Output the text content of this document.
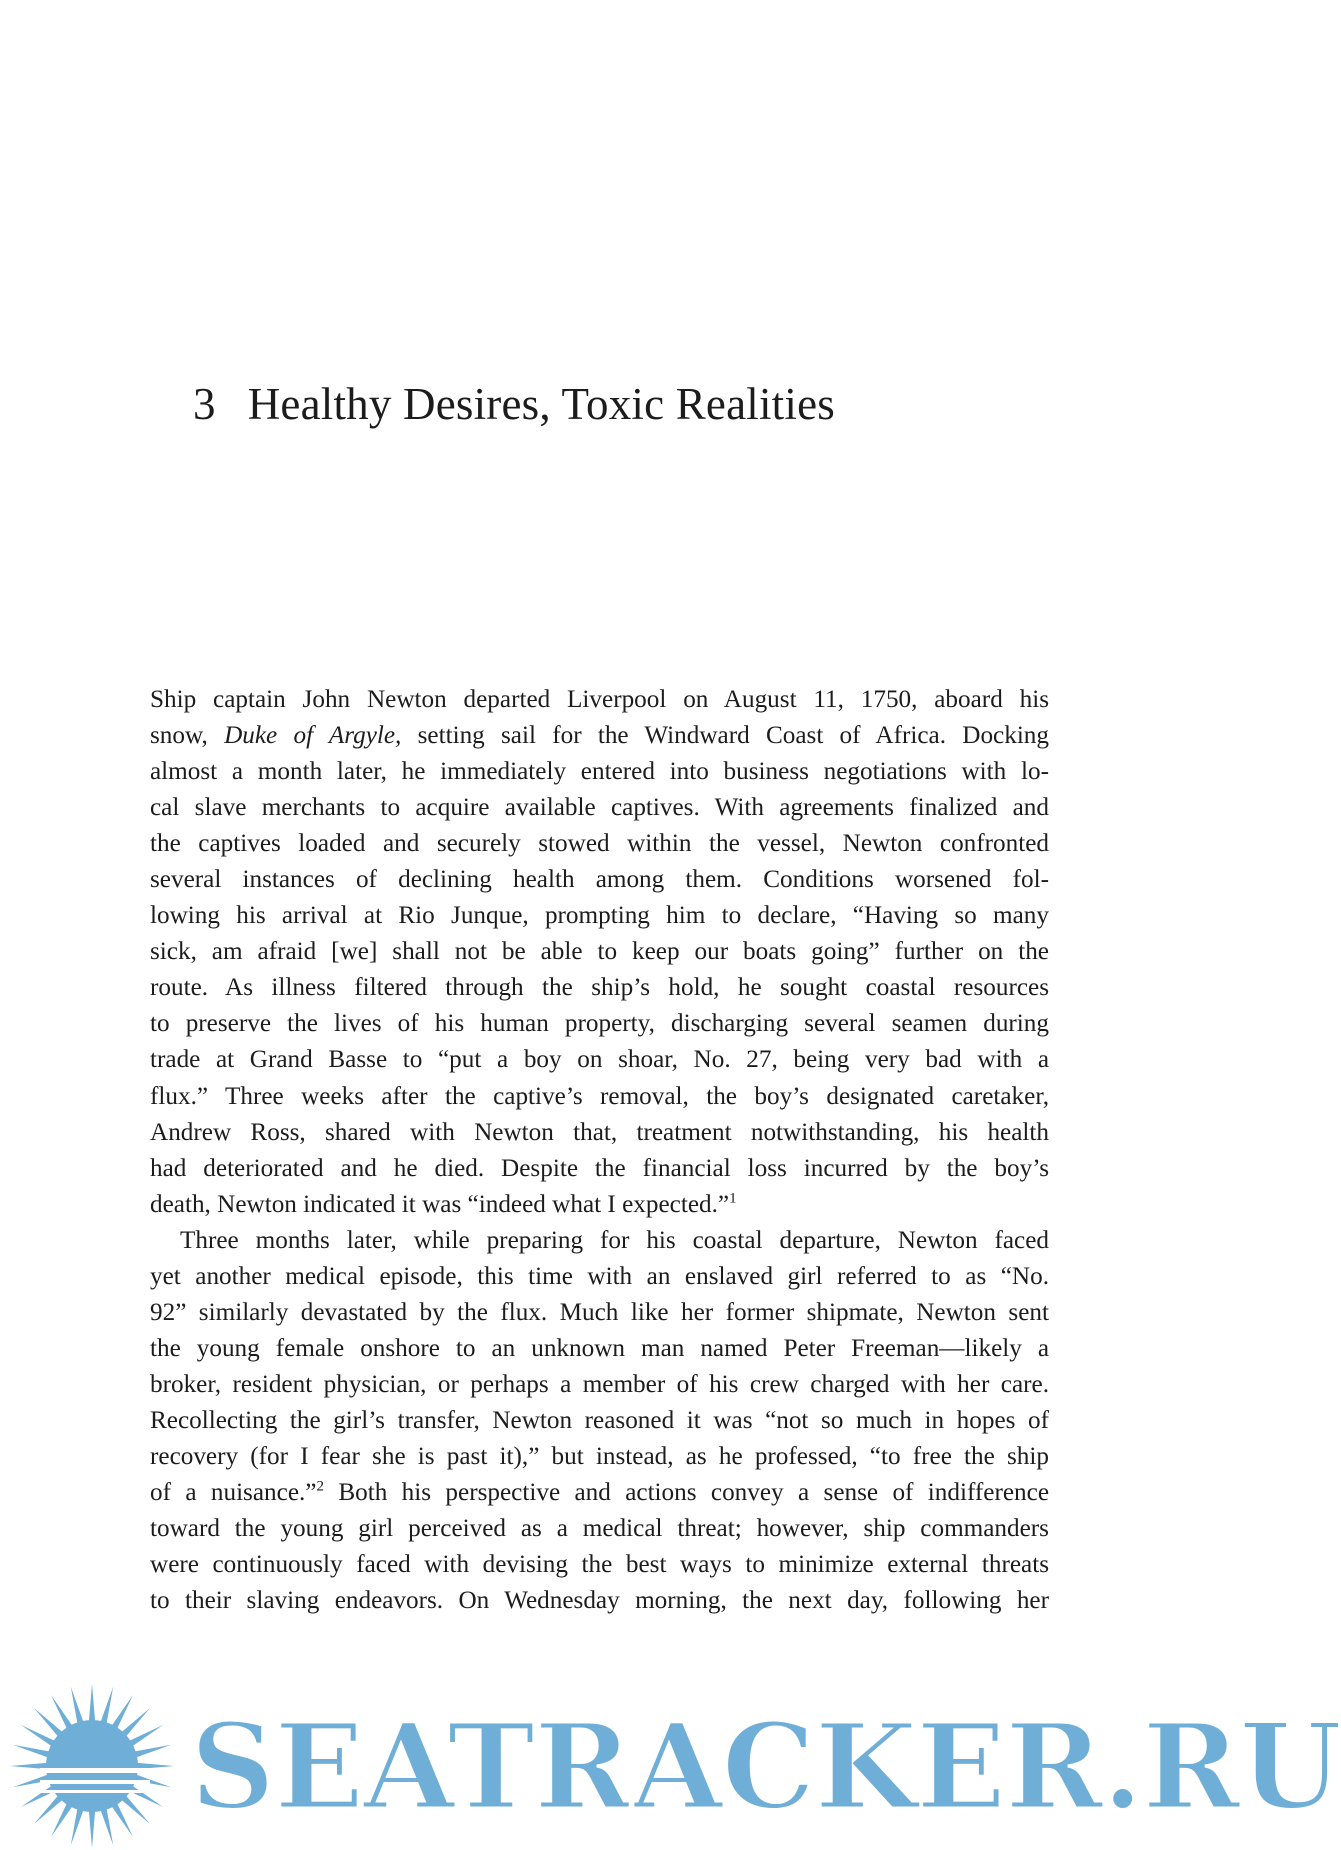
3 Healthy Desires, Toxic Realities
Ship captain John Newton departed Liverpool on August 11, 1750, aboard his
snow, Duke of Argyle, setting sail for the Windward Coast of Africa. Docking
almost a month later, he immediately entered into business negotiations with lo-
cal slave merchants to acquire available captives. With agreements finalized and
the captives loaded and securely stowed within the vessel, Newton confronted
several instances of declining health among them. Conditions worsened fol-
lowing his arrival at Rio Junque, prompting him to declare, “Having so many
sick, am afraid [we] shall not be able to keep our boats going” further on the
route. As illness filtered through the ship’s hold, he sought coastal resources
to preserve the lives of his human property, discharging several seamen during
trade at Grand Basse to “put a boy on shoar, No. 27, being very bad with a
flux.” Three weeks after the captive’s removal, the boy’s designated caretaker,
Andrew Ross, shared with Newton that, treatment notwithstanding, his health
had deteriorated and he died. Despite the financial loss incurred by the boy’s
death, Newton indicated it was “indeed what I expected.”$^1$
Three months later, while preparing for his coastal departure, Newton faced
yet another medical episode, this time with an enslaved girl referred to as “No.
92” similarly devastated by the flux. Much like her former shipmate, Newton sent
the young female onshore to an unknown man named Peter Freeman—likely a
broker, resident physician, or perhaps a member of his crew charged with her care.
Recollecting the girl’s transfer, Newton reasoned it was “not so much in hopes of
recovery (for I fear she is past it),” but instead, as he professed, “to free the ship
of a nuisance.”$^2$ Both his perspective and actions convey a sense of indifference
toward the young girl perceived as a medical threat; however, ship commanders
were continuously faced with devising the best ways to minimize external threats
to their slaving endeavors. On Wednesday morning, the next day, following her
SEATRACKER.RU
